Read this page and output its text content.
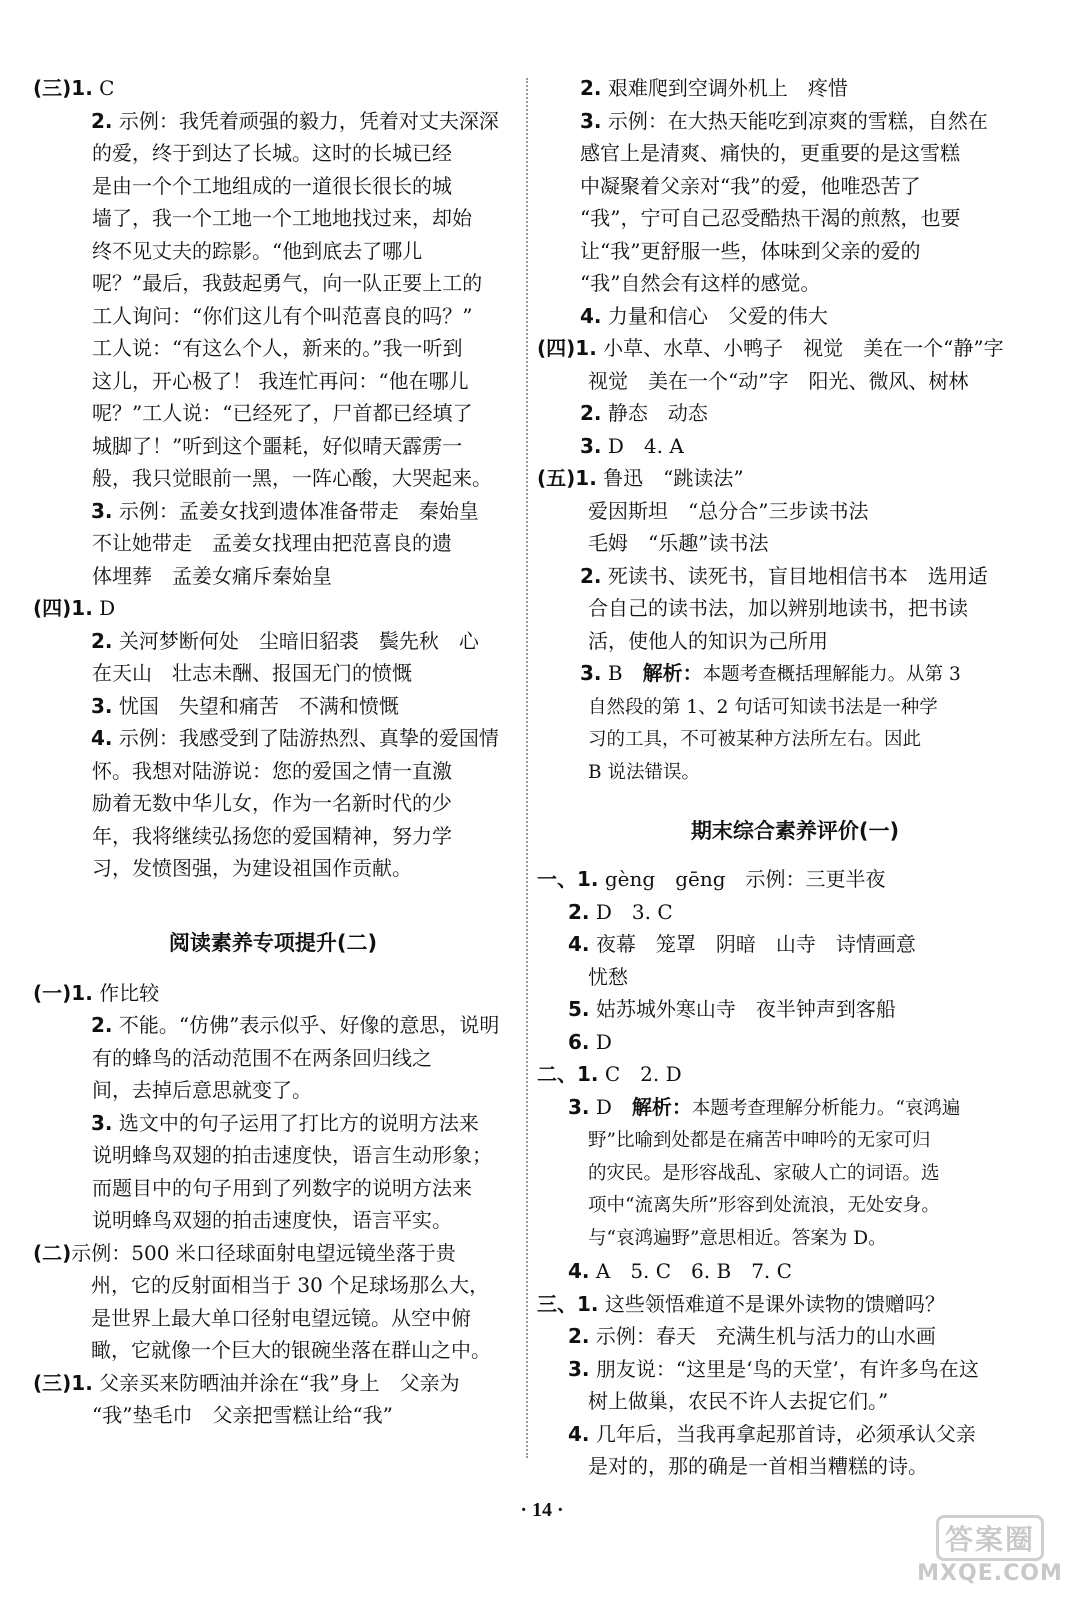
(三)1. C
2. 示例：我凭着顽强的毅力，凭着对丈夫深深
的爱，终于到达了长城。这时的长城已经
是由一个个工地组成的一道很长很长的城
墙了，我一个工地一个工地地找过来，却始
终不见丈夫的踪影。“他到底去了哪儿
呢？”最后，我鼓起勇气，向一队正要上工的
工人询问：“你们这儿有个叫范喜良的吗？”
工人说：“有这么个人，新来的。”我一听到
这儿，开心极了！ 我连忙再问：“他在哪儿
呢？”工人说：“已经死了，尸首都已经填了
城脚了！”听到这个噩耗，好似晴天霹雳一
般，我只觉眼前一黑，一阵心酸，大哭起来。
3. 示例：孟姜女找到遗体准备带走　秦始皇
不让她带走　孟姜女找理由把范喜良的遗
体埋葬　孟姜女痛斥秦始皇
(四)1. D
2. 关河梦断何处　尘暗旧貂裘　鬓先秋　心
在天山　壮志未酬、报国无门的愤慨
3. 忧国　失望和痛苦　不满和愤慨
4. 示例：我感受到了陆游热烈、真挚的爱国情
怀。我想对陆游说：您的爱国之情一直激
励着无数中华儿女，作为一名新时代的少
年，我将继续弘扬您的爱国精神，努力学
习，发愤图强，为建设祖国作贡献。
阅读素养专项提升(二)
(一)1. 作比较
2. 不能。“仿佛”表示似乎、好像的意思，说明
有的蜂鸟的活动范围不在两条回归线之
间，去掉后意思就变了。
3. 选文中的句子运用了打比方的说明方法来
说明蜂鸟双翅的拍击速度快，语言生动形象；
而题目中的句子用到了列数字的说明方法来
说明蜂鸟双翅的拍击速度快，语言平实。
(二)示例：500 米口径球面射电望远镜坐落于贵
州，它的反射面相当于 30 个足球场那么大，
是世界上最大单口径射电望远镜。从空中俯
瞰，它就像一个巨大的银碗坐落在群山之中。
(三)1. 父亲买来防晒油并涂在“我”身上　父亲为
“我”垫毛巾　父亲把雪糕让给“我”
2. 艰难爬到空调外机上　疼惜
3. 示例：在大热天能吃到凉爽的雪糕，自然在
感官上是清爽、痛快的，更重要的是这雪糕
中凝聚着父亲对“我”的爱，他唯恐苦了
“我”，宁可自己忍受酷热干渴的煎熬，也要
让“我”更舒服一些，体味到父亲的爱的
“我”自然会有这样的感觉。
4. 力量和信心　父爱的伟大
(四)1. 小草、水草、小鸭子　视觉　美在一个“静”字
视觉　美在一个“动”字　阳光、微风、树林
2. 静态　动态
3. D　4. A
(五)1. 鲁迅　“跳读法”
爱因斯坦　“总分合”三步读书法
毛姆　“乐趣”读书法
2. 死读书、读死书，盲目地相信书本　选用适
合自己的读书法，加以辨别地读书，把书读
活，使他人的知识为己所用
3. B　 解析：本题考查概括理解能力。从第 3
自然段的第 1、2 句话可知读书法是一种学
习的工具，不可被某种方法所左右。因此
B 说法错误。
期末综合素养评价(一)
一、1. gèng　gēng　示例：三更半夜
2. D　3. C
4. 夜幕　笼罩　阴暗　山寺　诗情画意
忧愁
5. 姑苏城外寒山寺　夜半钟声到客船
6. D
二、1. C　2. D
3. D　 解析：本题考查理解分析能力。“哀鸿遍
野”比喻到处都是在痛苦中呻吟的无家可归
的灾民。是形容战乱、家破人亡的词语。选
项中“流离失所”形容到处流浪，无处安身。
与“哀鸿遍野”意思相近。答案为 D。
4. A　5. C　6. B　7. C
三、1. 这些领悟难道不是课外读物的馈赠吗？
2. 示例：春天　充满生机与活力的山水画
3. 朋友说：“这里是‘鸟的天堂’，有许多鸟在这
树上做巢，农民不许人去捉它们。”
4. 几年后，当我再拿起那首诗，必须承认父亲
是对的，那的确是一首相当糟糕的诗。
· 14 ·
答案圈
MXQE.COM
